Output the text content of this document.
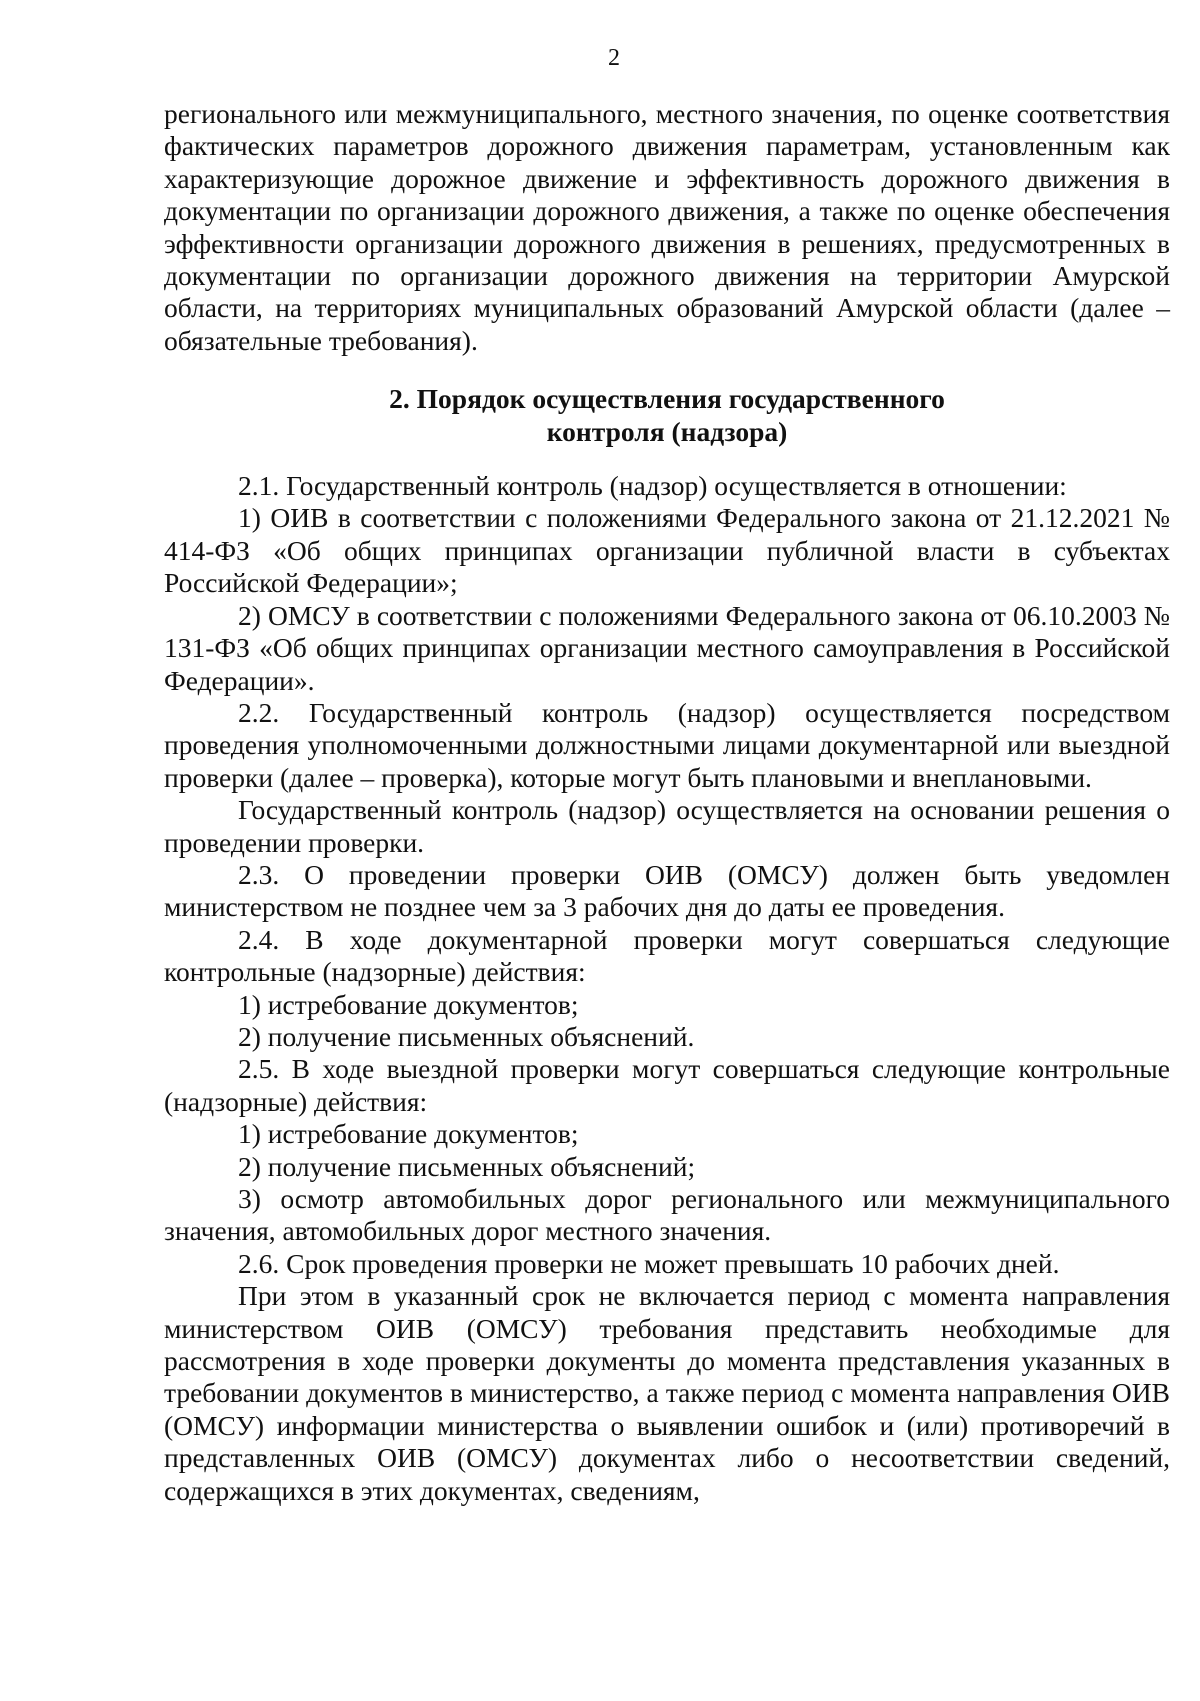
2

регионального или межмуниципального, местного значения, по оценке соответствия фактических параметров дорожного движения параметрам, установленным как характеризующие дорожное движение и эффективность дорожного движения в документации по организации дорожного движения, а также по оценке обеспечения эффективности организации дорожного движения в решениях, предусмотренных в документации по организации дорожного движения на территории Амурской области, на территориях муниципальных образований Амурской области (далее – обязательные требования).

2. Порядок осуществления государственного
контроля (надзора)

2.1. Государственный контроль (надзор) осуществляется в отношении:

1) ОИВ в соответствии с положениями Федерального закона от 21.12.2021 № 414-ФЗ «Об общих принципах организации публичной власти в субъектах Российской Федерации»;

2) ОМСУ в соответствии с положениями Федерального закона от 06.10.2003 № 131-ФЗ «Об общих принципах организации местного самоуправления в Российской Федерации».

2.2. Государственный контроль (надзор) осуществляется посредством проведения уполномоченными должностными лицами документарной или выездной проверки (далее – проверка), которые могут быть плановыми и внеплановыми.

Государственный контроль (надзор) осуществляется на основании решения о проведении проверки.

2.3. О проведении проверки ОИВ (ОМСУ) должен быть уведомлен министерством не позднее чем за 3 рабочих дня до даты ее проведения.

2.4. В ходе документарной проверки могут совершаться следующие контрольные (надзорные) действия:

1) истребование документов;

2) получение письменных объяснений.

2.5. В ходе выездной проверки могут совершаться следующие контрольные (надзорные) действия:

1) истребование документов;

2) получение письменных объяснений;

3) осмотр автомобильных дорог регионального или межмуниципального значения, автомобильных дорог местного значения.

2.6. Срок проведения проверки не может превышать 10 рабочих дней.

При этом в указанный срок не включается период с момента направления министерством ОИВ (ОМСУ) требования представить необходимые для рассмотрения в ходе проверки документы до момента представления указанных в требовании документов в министерство, а также период с момента направления ОИВ (ОМСУ) информации министерства о выявлении ошибок и (или) противоречий в представленных ОИВ (ОМСУ) документах либо о несоответствии сведений, содержащихся в этих документах, сведениям,
